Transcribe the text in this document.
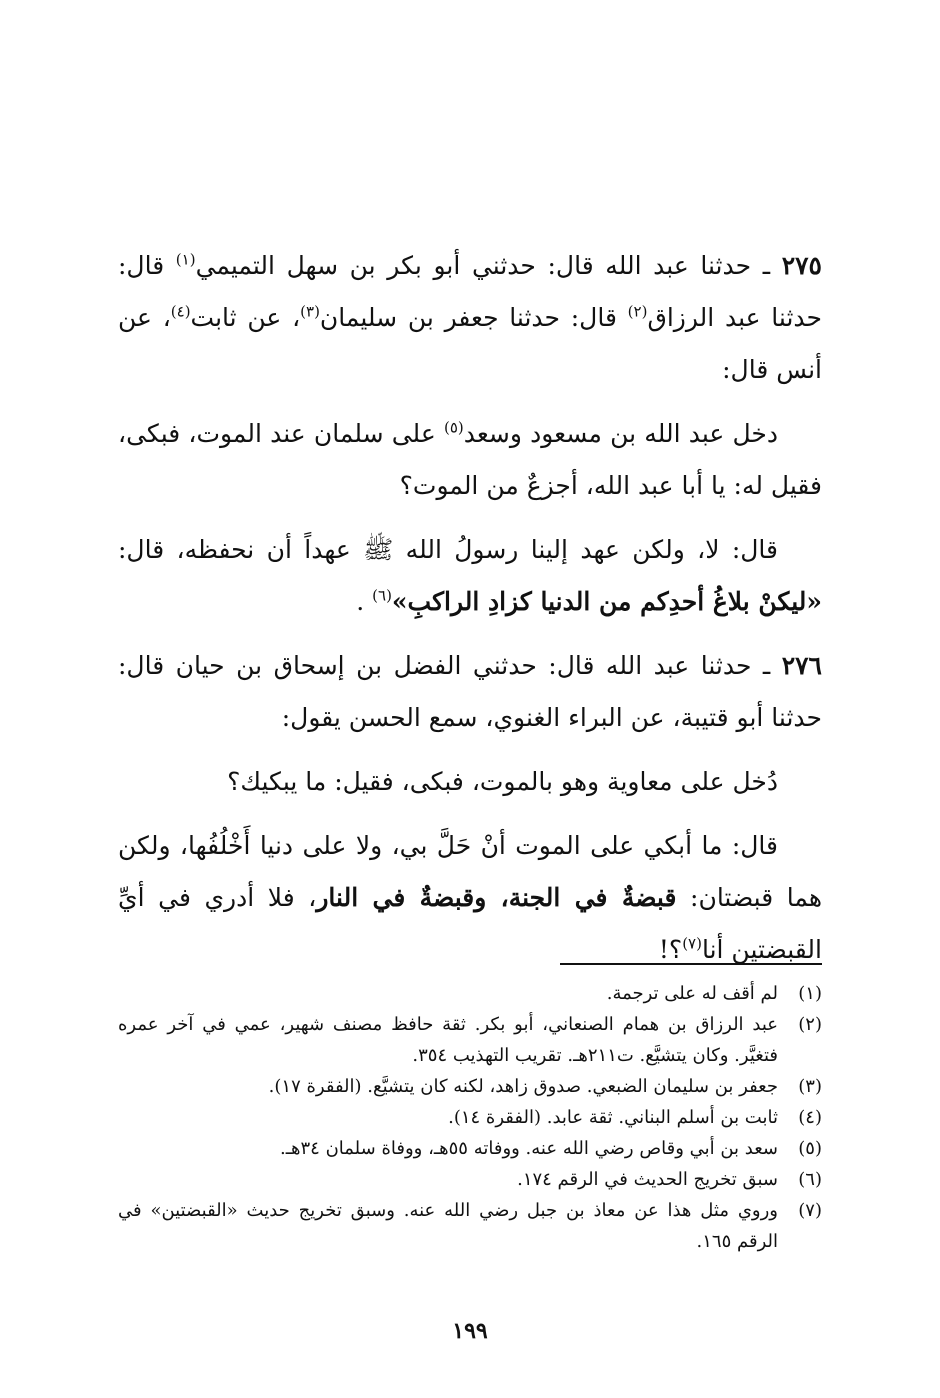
٢٧٥ ـ حدثنا عبد الله قال: حدثني أبو بكر بن سهل التميمي$^{(١)}$ قال: حدثنا عبد الرزاق$^{(٢)}$ قال: حدثنا جعفر بن سليمان$^{(٣)}$، عن ثابت$^{(٤)}$، عن أنس قال:

دخل عبد الله بن مسعود وسعد$^{(٥)}$ على سلمان عند الموت، فبكى، فقيل له: يا أبا عبد الله، أجزعٌ من الموت؟

قال: لا، ولكن عهد إلينا رسولُ الله ﷺ عهداً أن نحفظه، قال: «ليكنْ بلاغُ أحدِكم من الدنيا كزادِ الراكبِ»$^{(٦)}$ .

٢٧٦ ـ حدثنا عبد الله قال: حدثني الفضل بن إسحاق بن حيان قال: حدثنا أبو قتيبة، عن البراء الغنوي، سمع الحسن يقول:

دُخل على معاوية وهو بالموت، فبكى، فقيل: ما يبكيك؟

قال: ما أبكي على الموت أنْ حَلَّ بي، ولا على دنيا أَخْلُفُها، ولكن هما قبضتان: قبضةٌ في الجنة، وقبضةٌ في النار، فلا أدري في أيِّ القبضتين أنا$^{(٧)}$؟!

(١)
لم أقف له على ترجمة.
(٢)
عبد الرزاق بن همام الصنعاني، أبو بكر. ثقة حافظ مصنف شهير، عمي في آخر عمره فتغيَّر. وكان يتشيَّع. ت٢١١هـ. تقريب التهذيب ٣٥٤.
(٣)
جعفر بن سليمان الضبعي. صدوق زاهد، لكنه كان يتشيَّع. (الفقرة ١٧).
(٤)
ثابت بن أسلم البناني. ثقة عابد. (الفقرة ١٤).
(٥)
سعد بن أبي وقاص رضي الله عنه. ووفاته ٥٥هـ، ووفاة سلمان ٣٤هـ.
(٦)
سبق تخريج الحديث في الرقم ١٧٤.
(٧)
وروي مثل هذا عن معاذ بن جبل رضي الله عنه. وسبق تخريج حديث «القبضتين» في الرقم ١٦٥.
١٩٩
